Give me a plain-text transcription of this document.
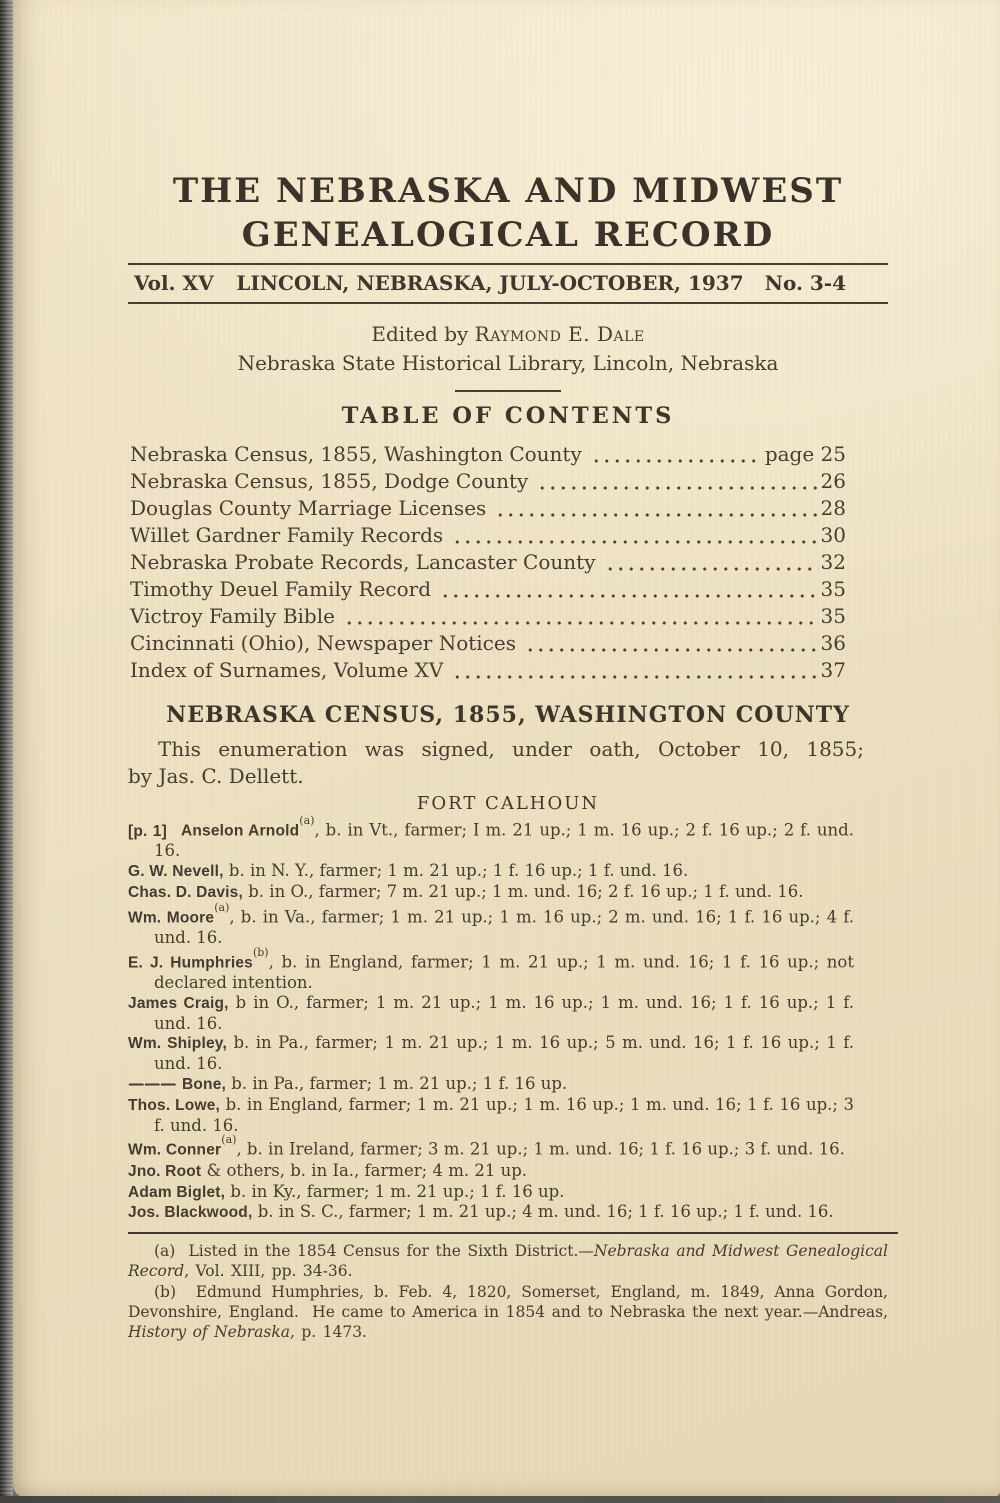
THE NEBRASKA AND MIDWEST
GENEALOGICAL RECORD
Vol. XV	LINCOLN, NEBRASKA, JULY-OCTOBER, 1937	No. 3-4
Edited by Raymond E. Dale
Nebraska State Historical Library, Lincoln, Nebraska
TABLE OF CONTENTS
Nebraska Census, 1855, Washington County	page 25
Nebraska Census, 1855, Dodge County	26
Douglas County Marriage Licenses	28
Willet Gardner Family Records	30
Nebraska Probate Records, Lancaster County	32
Timothy Deuel Family Record	35
Victroy Family Bible	35
Cincinnati (Ohio), Newspaper Notices	36
Index of Surnames, Volume XV	37
NEBRASKA CENSUS, 1855, WASHINGTON COUNTY
This enumeration was signed, under oath, October 10, 1855;
by Jas. C. Dellett.
FORT CALHOUN
[p. 1] Anselon Arnold$^{(a)}$, b. in Vt., farmer; I m. 21 up.; 1 m. 16 up.; 2 f. 16 up.; 2 f. und. 16.
G. W. Nevell, b. in N. Y., farmer; 1 m. 21 up.; 1 f. 16 up.; 1 f. und. 16.
Chas. D. Davis, b. in O., farmer; 7 m. 21 up.; 1 m. und. 16; 2 f. 16 up.; 1 f. und. 16.
Wm. Moore$^{(a)}$, b. in Va., farmer; 1 m. 21 up.; 1 m. 16 up.; 2 m. und. 16; 1 f. 16 up.; 4 f. und. 16.
E. J. Humphries$^{(b)}$, b. in England, farmer; 1 m. 21 up.; 1 m. und. 16; 1 f. 16 up.; not declared intention.
James Craig, b in O., farmer; 1 m. 21 up.; 1 m. 16 up.; 1 m. und. 16; 1 f. 16 up.; 1 f. und. 16.
Wm. Shipley, b. in Pa., farmer; 1 m. 21 up.; 1 m. 16 up.; 5 m. und. 16; 1 f. 16 up.; 1 f. und. 16.
——— Bone, b. in Pa., farmer; 1 m. 21 up.; 1 f. 16 up.
Thos. Lowe, b. in England, farmer; 1 m. 21 up.; 1 m. 16 up.; 1 m. und. 16; 1 f. 16 up.; 3 f. und. 16.
Wm. Conner$^{(a)}$, b. in Ireland, farmer; 3 m. 21 up.; 1 m. und. 16; 1 f. 16 up.; 3 f. und. 16.
Jno. Root & others, b. in Ia., farmer; 4 m. 21 up.
Adam Biglet, b. in Ky., farmer; 1 m. 21 up.; 1 f. 16 up.
Jos. Blackwood, b. in S. C., farmer; 1 m. 21 up.; 4 m. und. 16; 1 f. 16 up.; 1 f. und. 16.

(a)  Listed in the 1854 Census for the Sixth District.—Nebraska and Midwest Genealogical Record, Vol. XIII, pp. 34-36.

(b)  Edmund Humphries, b. Feb. 4, 1820, Somerset, England, m. 1849, Anna Gordon, Devonshire, England.  He came to America in 1854 and to Nebraska the next year.—Andreas, History of Nebraska, p. 1473.
